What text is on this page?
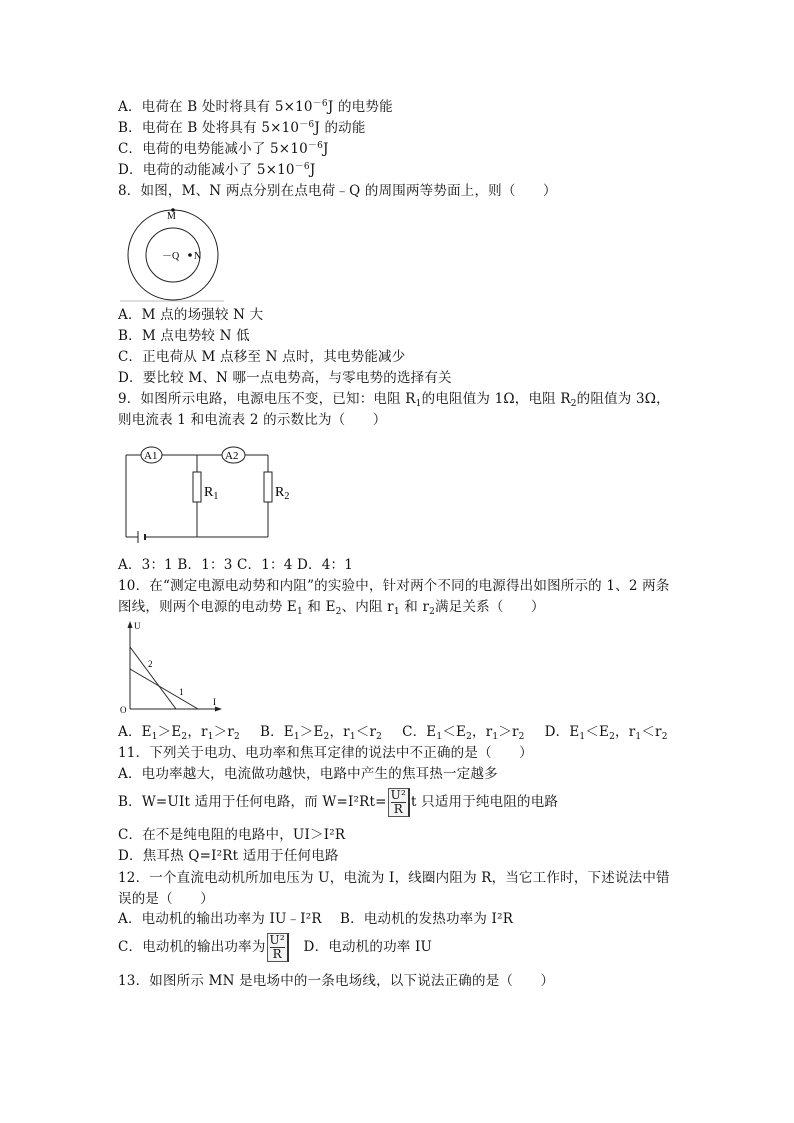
A．电荷在 B 处时将具有 $5\times 10^{-6}J$ 的电势能
B．电荷在 B 处将具有 $5\times 10^{-6}J$ 的动能
C．电荷的电势能减小了 $5\times 10^{-6}J$
D．电荷的动能减小了 $5\times 10^{-6}J$
8．如图，M、N 两点分别在点电荷﹣Q 的周围两等势面上，则（　　）
M
N
－Q
A．M 点的场强较 N 大
B．M 点电势较 N 低
C．正电荷从 M 点移至 N 点时，其电势能减少
D．要比较 M、N 哪一点电势高，与零电势的选择有关
9．如图所示电路，电源电压不变，已知：电阻 $R_1$的电阻值为 1Ω，电阻 $R_2$的阻值为 3Ω，
则电流表 1 和电流表 2 的示数比为（　　）
A1	A2
$R_1$	$R_2$
A．3：1 B．1：3 C．1：4 D．4：1
10．在“测定电源电动势和内阻”的实验中，针对两个不同的电源得出如图所示的 1、2 两条
图线，则两个电源的电动势 $E_1$ 和 $E_2$、内阻 $r_1$ 和 $r_2$满足关系（　　）
U
O
I
2
1
A．$E_1>E_2$，$r_1>r_2$ B．$E_1>E_2$，$r_1<r_2$ C．$E_1<E_2$，$r_1>r_2$ D．$E_1<E_2$，$r_1<r_2$
11．下列关于电功、电功率和焦耳定律的说法中不正确的是（　　）
A．电功率越大，电流做功越快，电路中产生的焦耳热一定越多
B．W=UIt 适用于任何电路，而 $W=I^2Rt= \frac{\text{U²}}{R}$ t 只适用于纯电阻的电路
C．在不是纯电阻的电路中，UI＞I²R
D．焦耳热 Q=I²Rt 适用于任何电路
12．一个直流电动机所加电压为 U，电流为 I，线圈内阻为 R，当它工作时，下述说法中错
误的是（　　）
A．电动机的输出功率为 IU﹣I²R　 B．电动机的发热功率为 I²R
C．电动机的输出功率为 $\frac{\text{U²}}{R}$ 　D．电动机的功率 IU
13．如图所示 MN 是电场中的一条电场线，以下说法正确的是（　　）
